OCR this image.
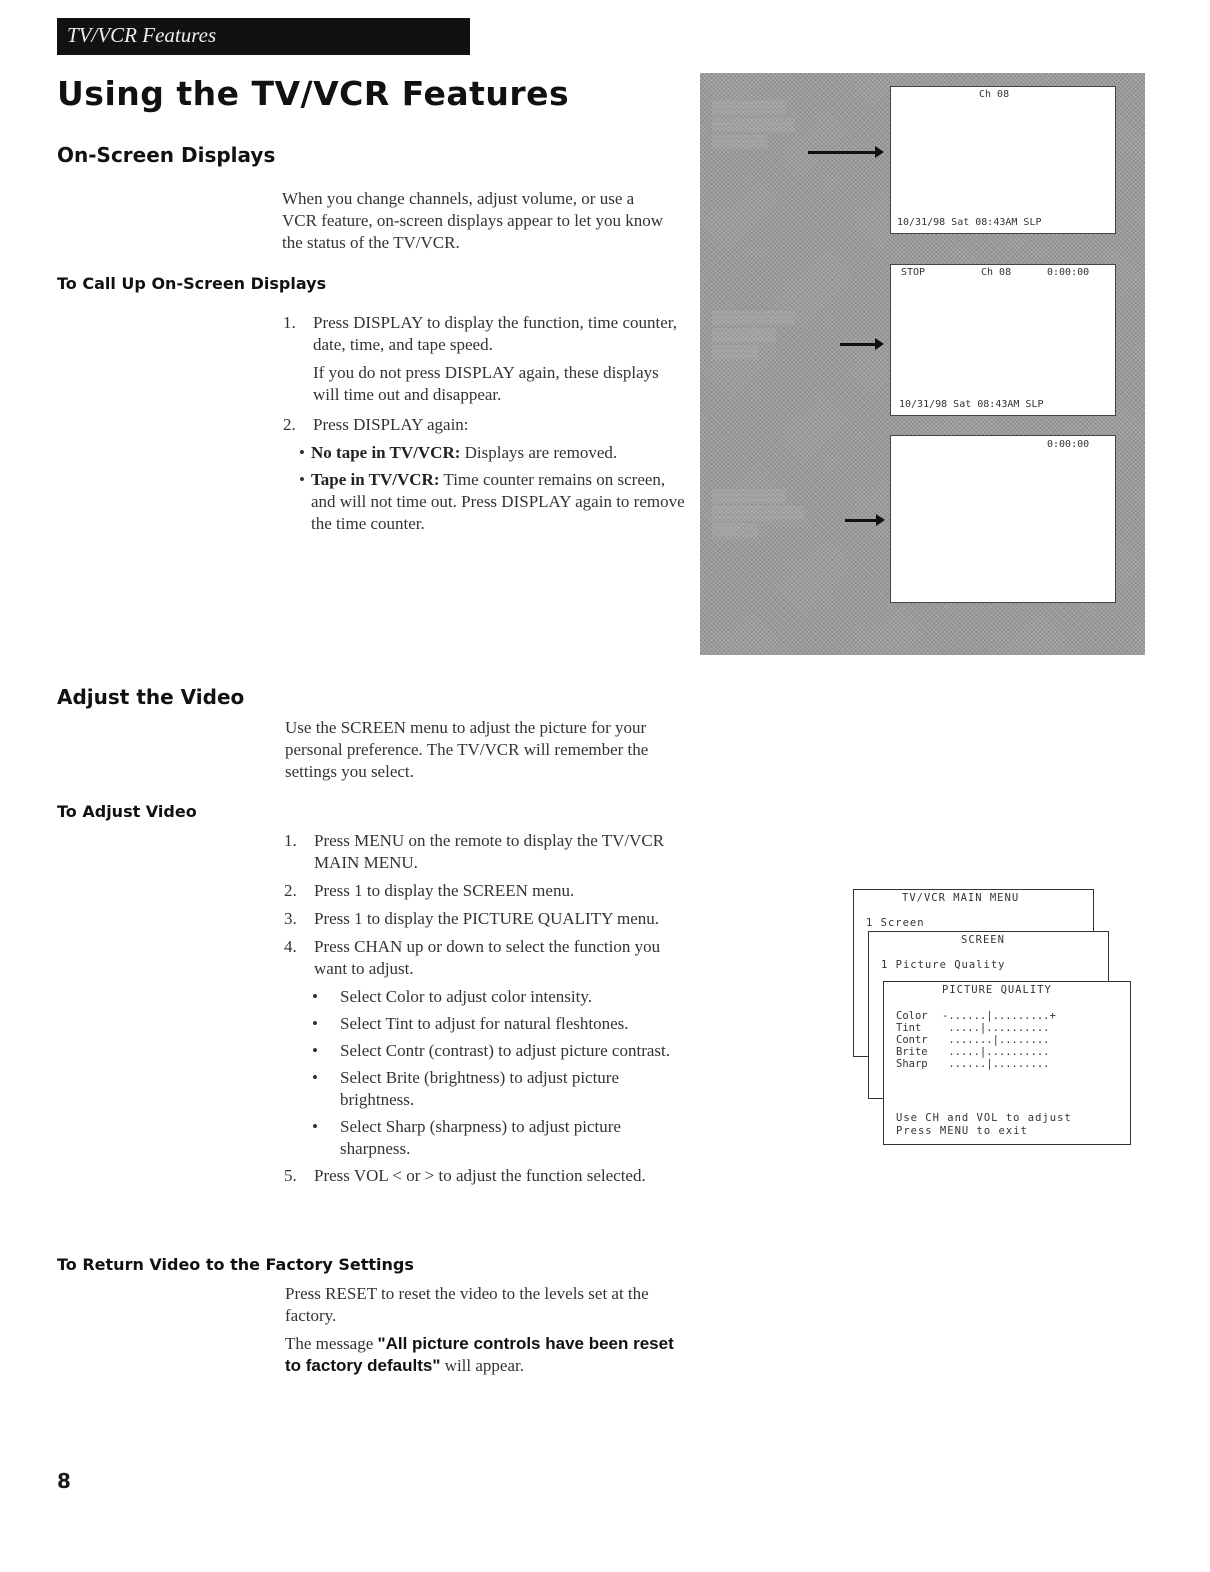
TV/VCR Features
Using the TV/VCR Features
On-Screen Displays
When you change channels, adjust volume, or use a VCR feature, on-screen displays appear to let you know the status of the TV/VCR.
To Call Up On-Screen Displays
1. Press DISPLAY to display the function, time counter, date, time, and tape speed.
If you do not press DISPLAY again, these displays will time out and disappear.
2. Press DISPLAY again:
• No tape in TV/VCR: Displays are removed.
• Tape in TV/VCR: Time counter remains on screen, and will not time out. Press DISPLAY again to remove the time counter.
▒▒▒▒▒▒▒▒
▒▒▒▒▒▒▒▒▒
▒▒▒▒▒▒
Ch 08
10/31/98 Sat 08:43AM SLP
▒▒▒▒▒▒▒▒▒
▒▒▒▒▒▒▒
▒▒▒▒▒
STOP	Ch 08	0:00:00
10/31/98 Sat 08:43AM SLP
▒▒▒▒▒▒▒▒
▒▒▒▒▒▒▒▒▒▒
▒▒▒▒▒
0:00:00
Adjust the Video
Use the SCREEN menu to adjust the picture for your personal preference. The TV/VCR will remember the settings you select.
To Adjust Video
1. Press MENU on the remote to display the TV/VCR MAIN MENU.
2. Press 1 to display the SCREEN menu.
3. Press 1 to display the PICTURE QUALITY menu.
4. Press CHAN up or down to select the function you want to adjust.
• Select Color to adjust color intensity.
• Select Tint to adjust for natural fleshtones.
• Select Contr (contrast) to adjust picture contrast.
• Select Brite (brightness) to adjust picture brightness.
• Select Sharp (sharpness) to adjust picture sharpness.
5. Press VOL < or > to adjust the function selected.
To Return Video to the Factory Settings
Press RESET to reset the video to the levels set at the factory.
The message "All picture controls have been reset to factory defaults" will appear.
TV/VCR MAIN MENU
1 Screen
SCREEN
1 Picture Quality
PICTURE QUALITY
Color -......|.........+
Tint .....|..........
Contr .......|........
Brite .....|..........
Sharp ......|.........
Use CH and VOL to adjust
Press MENU to exit
8
